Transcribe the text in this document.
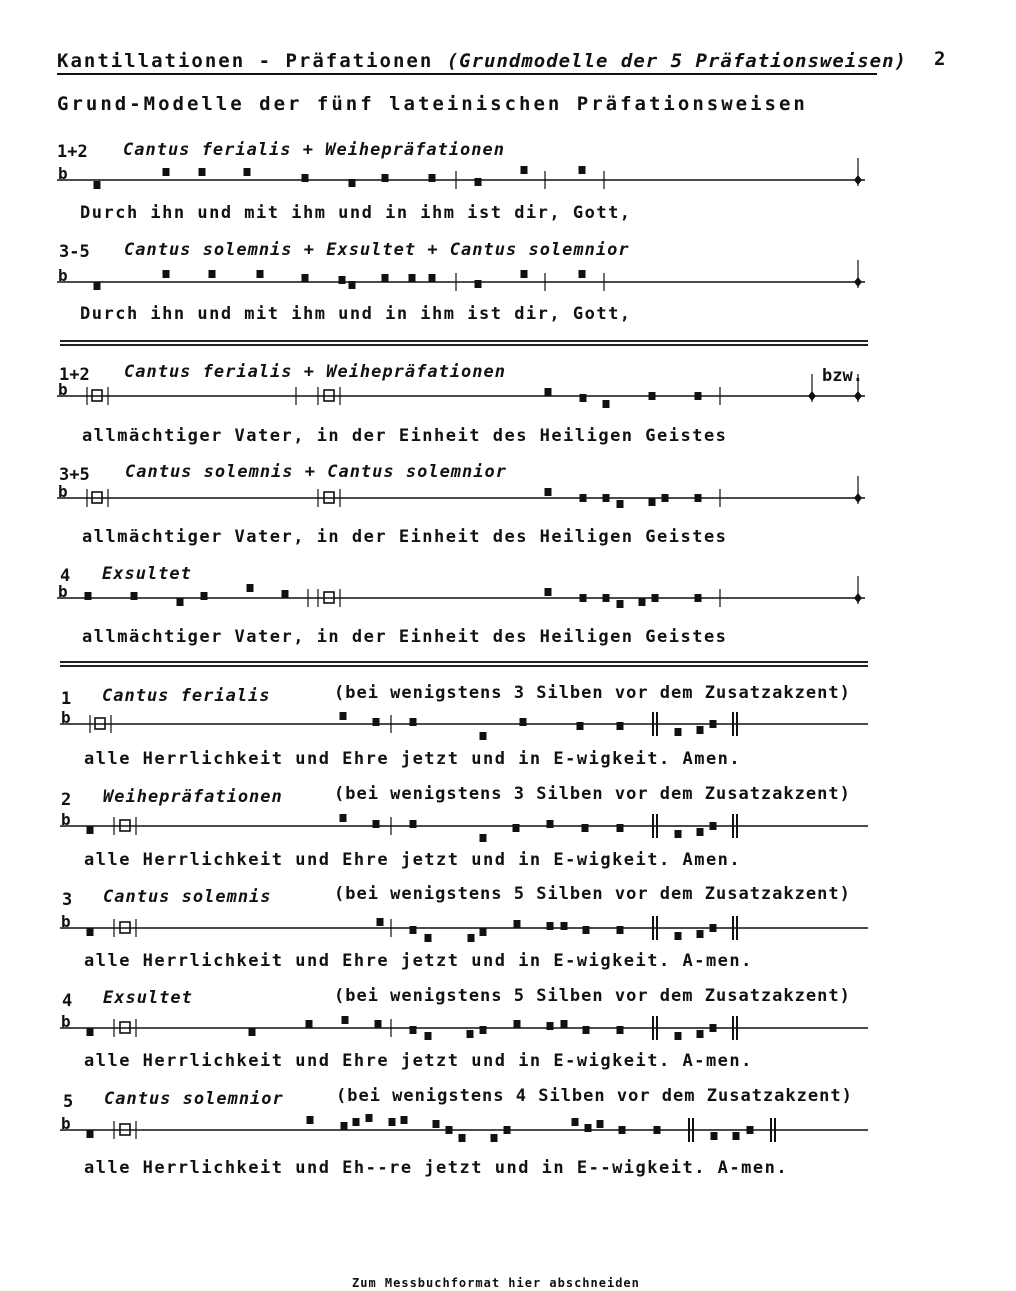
Kantillationen - Präfationen (Grundmodelle der 5 Präfationsweisen) 2
Grund-Modelle der fünf lateinischen Präfationsweisen
1+2 Cantus ferialis + Weihepräfationen
Durch ihn und mit ihm und in ihm ist dir, Gott,
3-5 Cantus solemnis + Exsultet + Cantus solemnior
Durch ihn und mit ihm und in ihm ist dir, Gott,
1+2 Cantus ferialis + Weihepräfationen	bzw.
allmächtiger Vater, in der Einheit des Heiligen Geistes
3+5 Cantus solemnis + Cantus solemnior
allmächtiger Vater, in der Einheit des Heiligen Geistes
4 Exsultet
allmächtiger Vater, in der Einheit des Heiligen Geistes
1 Cantus ferialis	(bei wenigstens 3 Silben vor dem Zusatzakzent)
alle Herrlichkeit und Ehre jetzt und in E-wigkeit. Amen.
2 Weihepräfationen	(bei wenigstens 3 Silben vor dem Zusatzakzent)
alle Herrlichkeit und Ehre jetzt und in E-wigkeit. Amen.
3 Cantus solemnis	(bei wenigstens 5 Silben vor dem Zusatzakzent)
alle Herrlichkeit und Ehre jetzt und in E-wigkeit. A-men.
4 Exsultet	(bei wenigstens 5 Silben vor dem Zusatzakzent)
alle Herrlichkeit und Ehre jetzt und in E-wigkeit. A-men.
5 Cantus solemnior	(bei wenigstens 4 Silben vor dem Zusatzakzent)
alle Herrlichkeit und Eh--re jetzt und in E--wigkeit. A-men.
Zum Messbuchformat hier abschneiden
b
b
b
b
b
b
b
b
b
b
